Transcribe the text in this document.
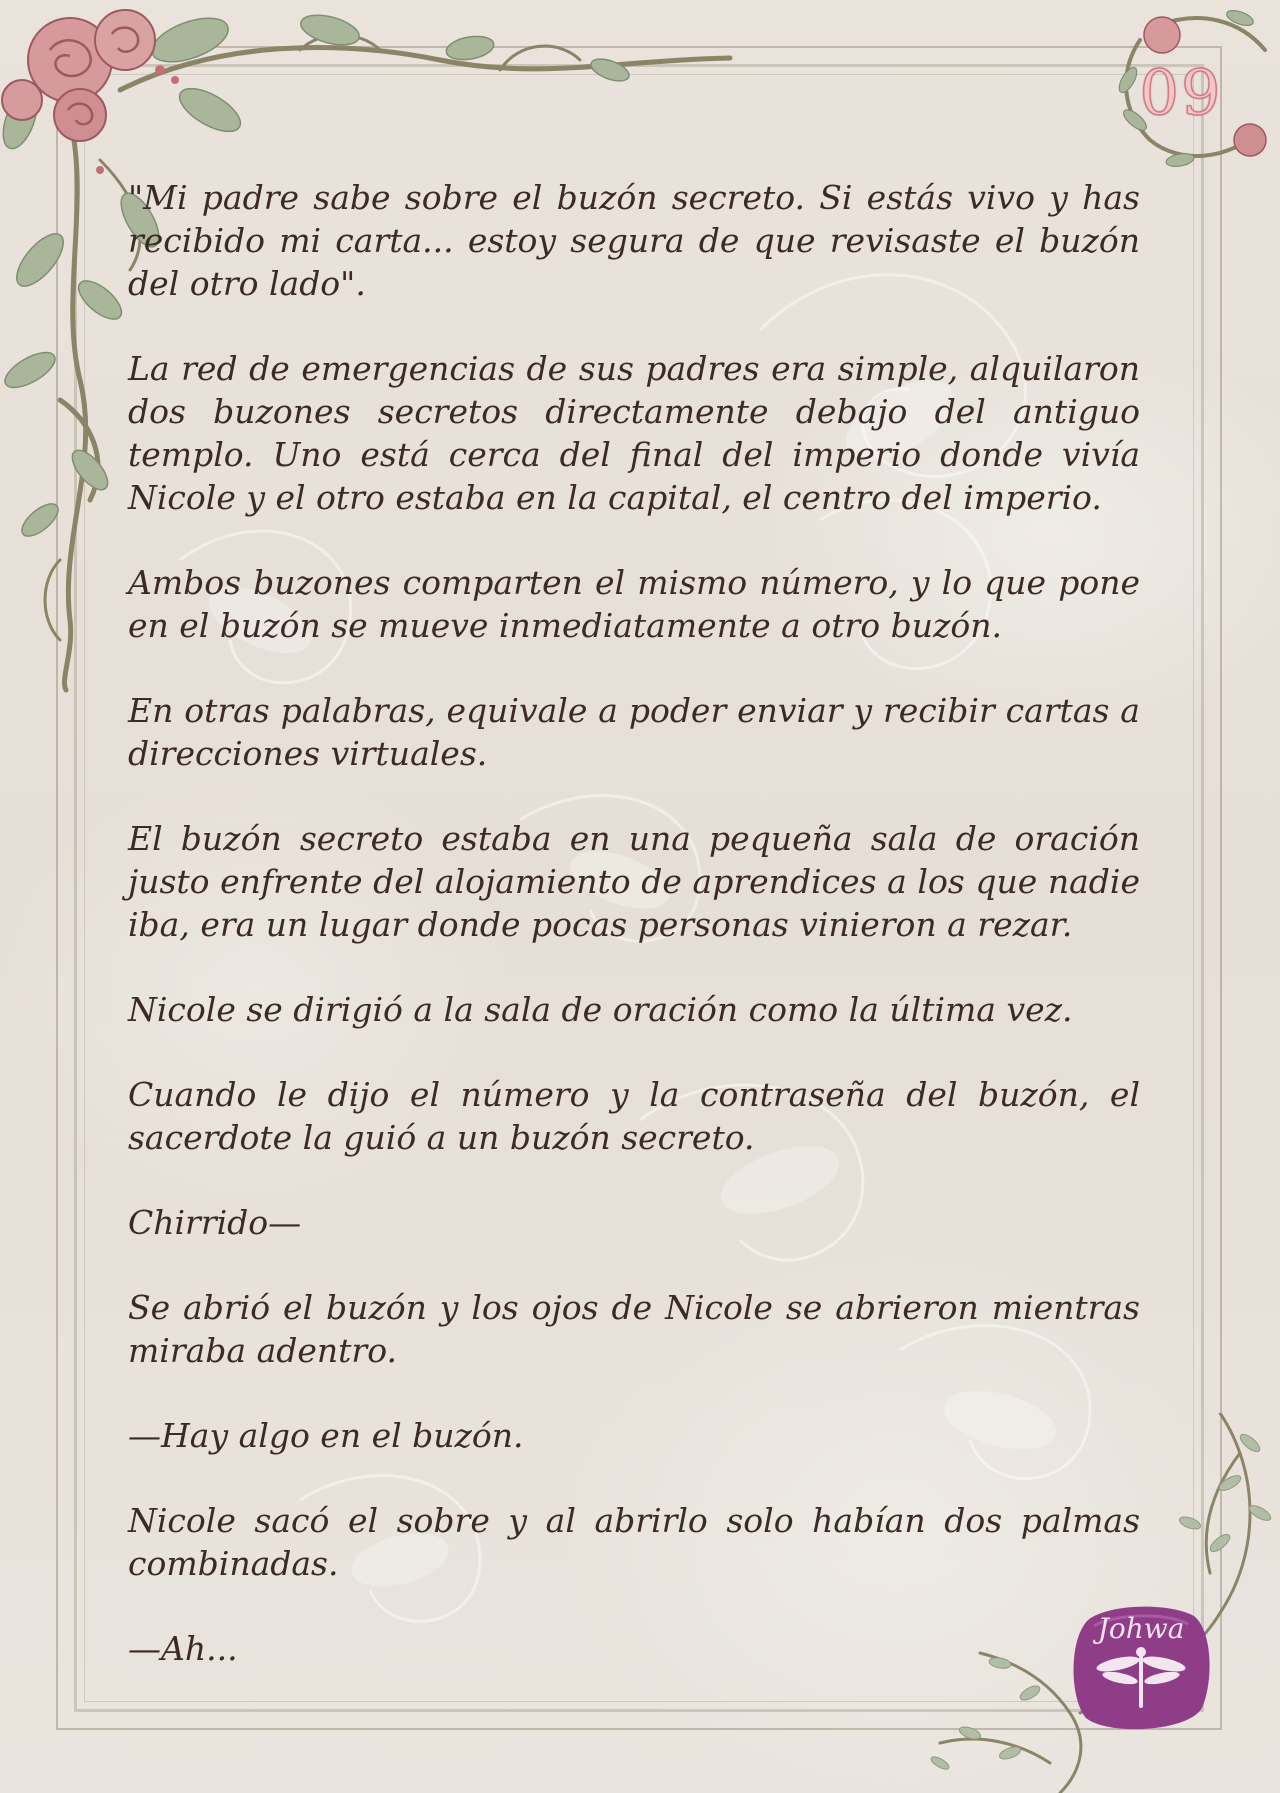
09
Johwa

"Mi padre sabe sobre el buzón secreto. Si estás vivo y has recibido mi carta... estoy segura de que revisaste el buzón del otro lado".

La red de emergencias de sus padres era simple, alquilaron dos buzones secretos directamente debajo del antiguo templo. Uno está cerca del final del imperio donde vivía Nicole y el otro estaba en la capital, el centro del imperio.

Ambos buzones comparten el mismo número, y lo que pone en el buzón se mueve inmediatamente a otro buzón.

En otras palabras, equivale a poder enviar y recibir cartas a direcciones virtuales.

El buzón secreto estaba en una pequeña sala de oración justo enfrente del alojamiento de aprendices a los que nadie iba, era un lugar donde pocas personas vinieron a rezar.

Nicole se dirigió a la sala de oración como la última vez.

Cuando le dijo el número y la contraseña del buzón, el sacerdote la guió a un buzón secreto.

Chirrido—

Se abrió el buzón y los ojos de Nicole se abrieron mientras miraba adentro.

—Hay algo en el buzón.

Nicole sacó el sobre y al abrirlo solo habían dos palmas combinadas.

—Ah...
